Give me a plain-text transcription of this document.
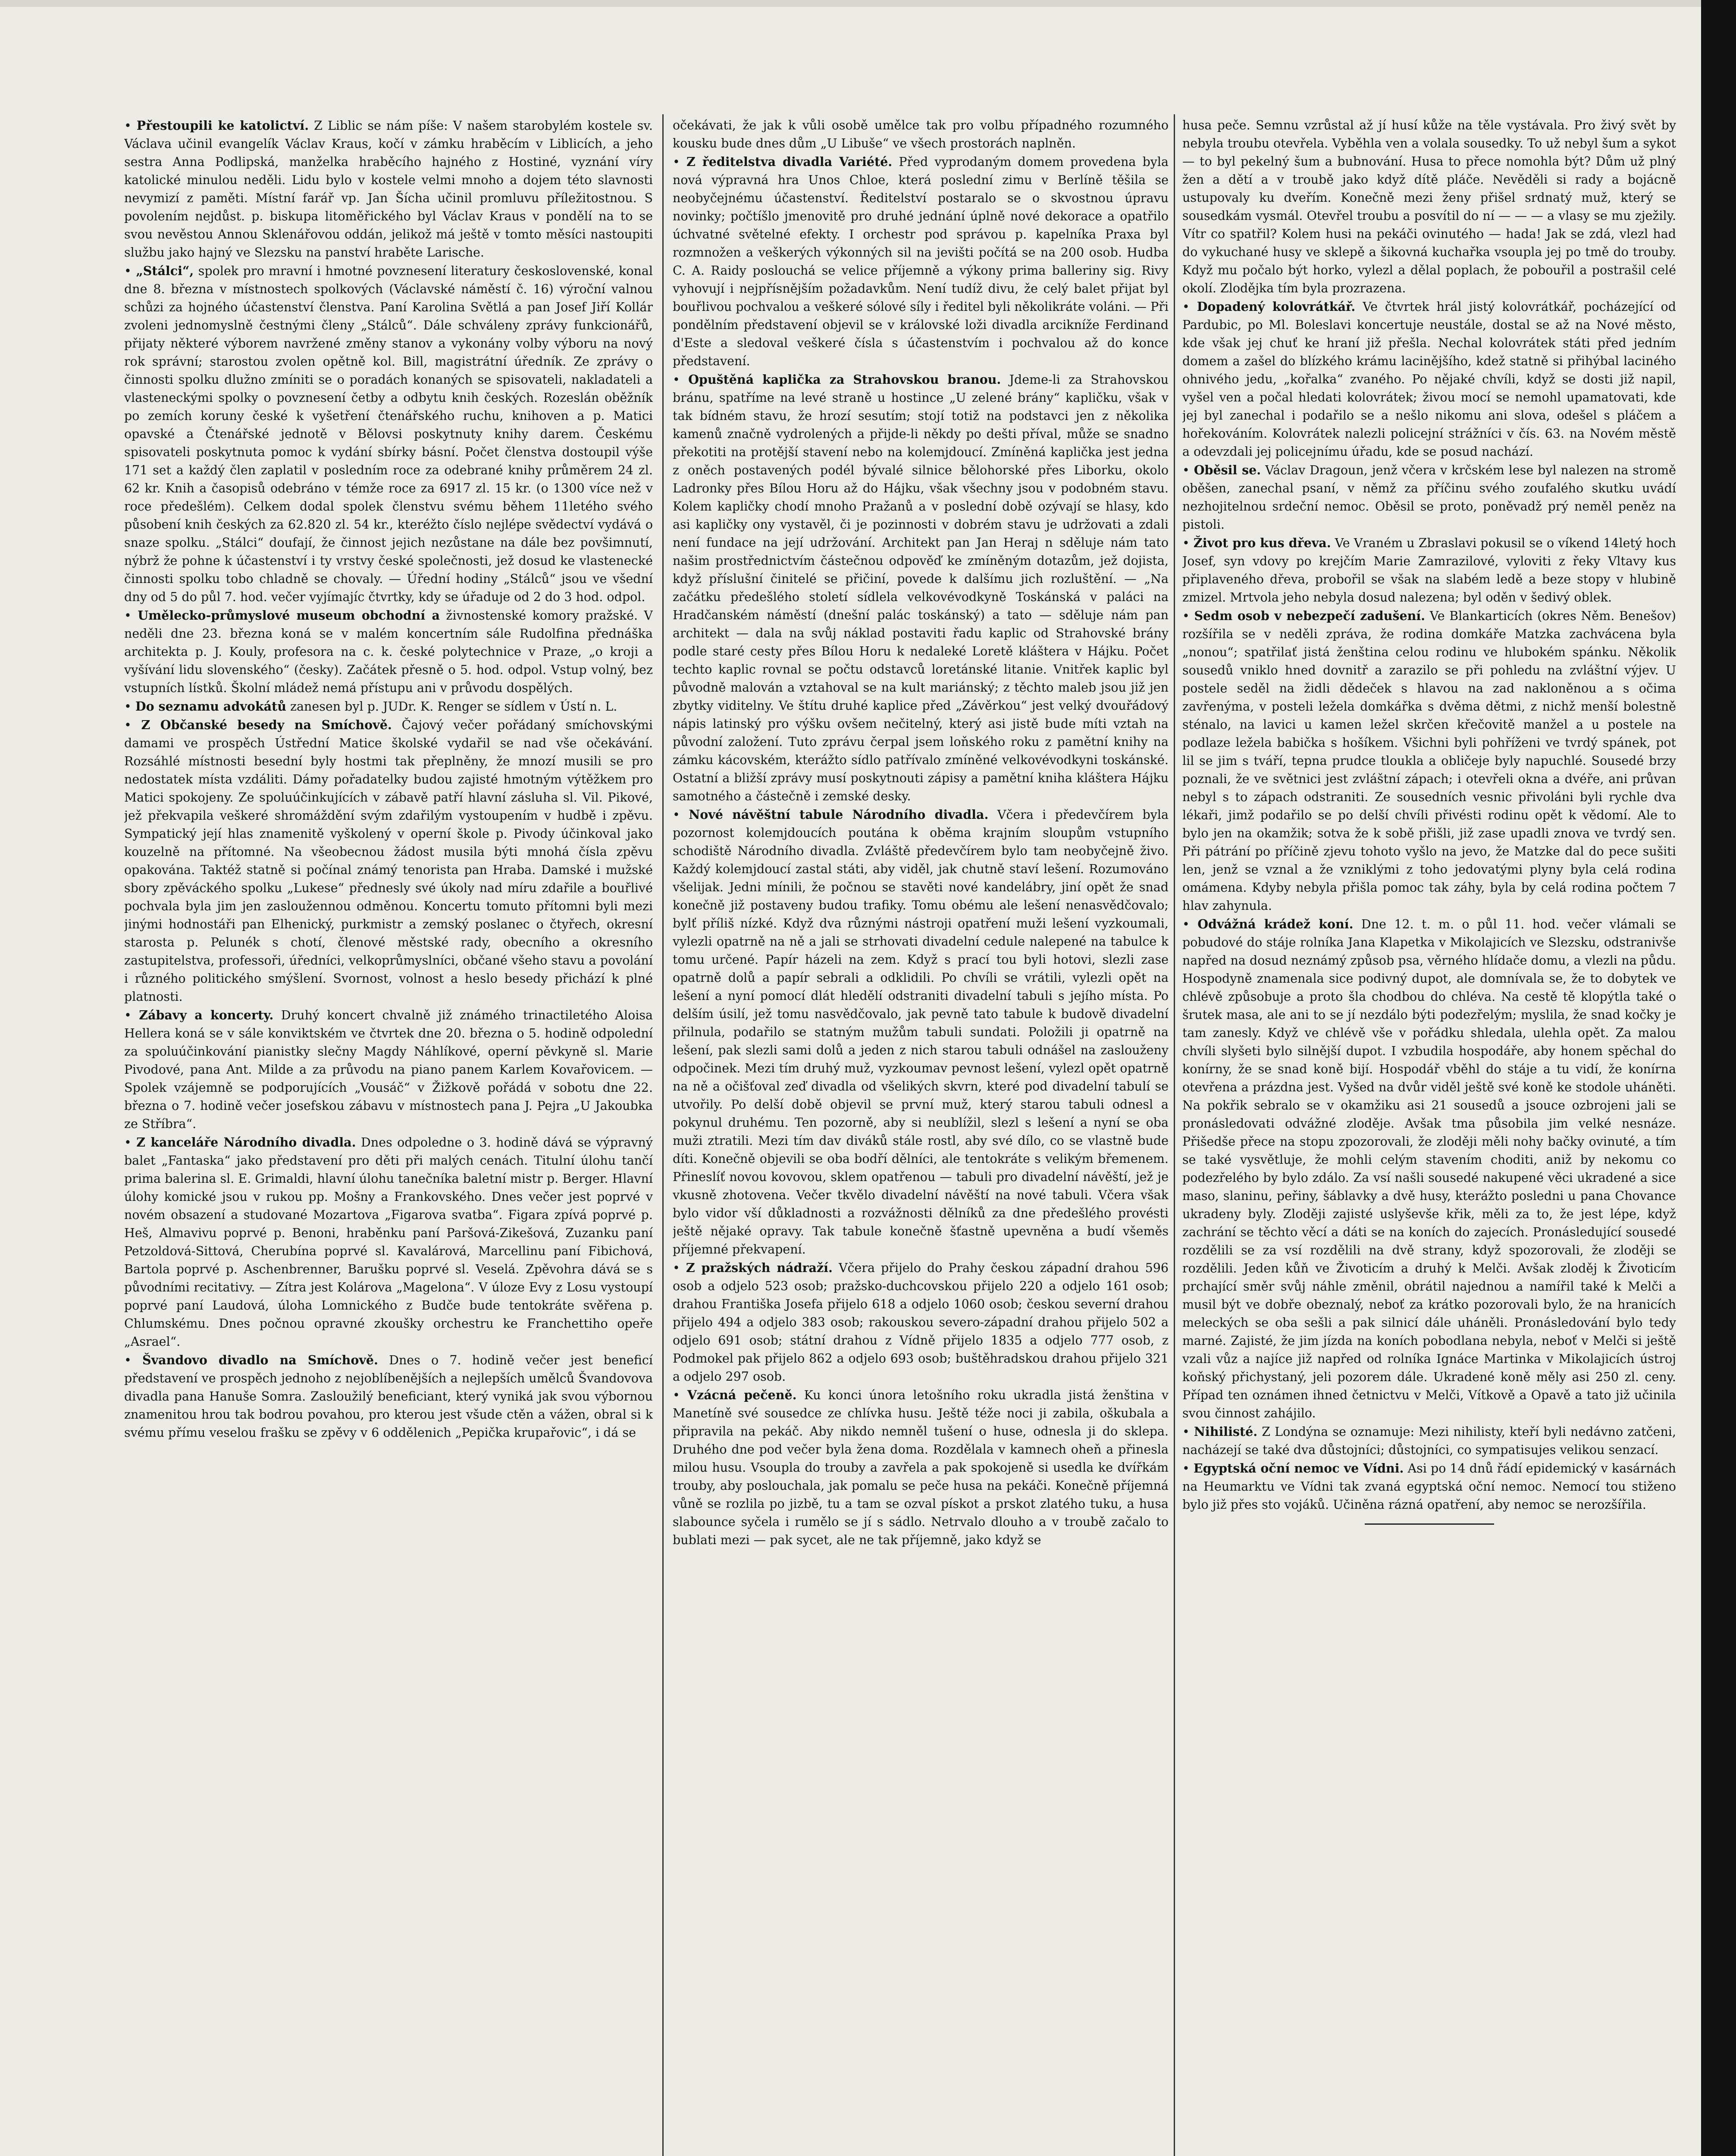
• Přestoupili ke katolictví. Z Liblic se nám píše: V našem starobylém kostele sv. Václava učinil evangelík Václav Kraus, kočí v zámku hraběcím v Liblicích, a jeho sestra Anna Podlipská, manželka hraběcího hajného z Hostiné, vyznání víry katolické minulou neděli. Lidu bylo v kostele velmi mnoho a dojem této slavnosti nevymizí z paměti. Místní farář vp. Jan Šícha učinil promluvu příležitostnou. S povolením nejdůst. p. biskupa litoměřického byl Václav Kraus v pondělí na to se svou nevěstou Annou Sklenářovou oddán, jelikož má ještě v tomto měsíci nastoupiti službu jako hajný ve Slezsku na panství hraběte Larische.

• „Stálci“, spolek pro mravní i hmotné povznesení literatury československé, konal dne 8. března v místnostech spolkových (Václavské náměstí č. 16) výroční valnou schůzi za hojného účastenství členstva. Paní Karolina Světlá a pan Josef Jiří Kollár zvoleni jednomyslně čestnými členy „Stálců“. Dále schváleny zprávy funkcionářů, přijaty některé výborem navržené změny stanov a vykonány volby výboru na nový rok správní; starostou zvolen opětně kol. Bill, magistrátní úředník. Ze zprávy o činnosti spolku dlužno zmíniti se o poradách konaných se spisovateli, nakladateli a vlasteneckými spolky o povznesení četby a odbytu knih českých. Rozeslán oběžník po zemích koruny české k vyšetření čtenářského ruchu, knihoven a p. Matici opavské a Čtenářské jednotě v Bělovsi poskytnuty knihy darem. Českému spisovateli poskytnuta pomoc k vydání sbírky básní. Počet členstva dostoupil výše 171 set a každý člen zaplatil v posledním roce za odebrané knihy průměrem 24 zl. 62 kr. Knih a časopisů odebráno v témže roce za 6917 zl. 15 kr. (o 1300 více než v roce předešlém). Celkem dodal spolek členstvu svému během 11letého svého působení knih českých za 62.820 zl. 54 kr., kteréžto číslo nejlépe svědectví vydává o snaze spolku. „Stálci“ doufají, že činnost jejich nezůstane na dále bez povšimnutí, nýbrž že pohne k účastenství i ty vrstvy české společnosti, jež dosud ke vlastenecké činnosti spolku tobo chladně se chovaly. — Úřední hodiny „Stálců“ jsou ve všední dny od 5 do půl 7. hod. večer vyjímajíc čtvrtky, kdy se úřaduje od 2 do 3 hod. odpol.

• Umělecko-průmyslové museum obchodní a živnostenské komory pražské. V neděli dne 23. března koná se v malém koncertním sále Rudolfina přednáška architekta p. J. Kouly, profesora na c. k. české polytechnice v Praze, „o kroji a vyšívání lidu slovenského“ (česky). Začátek přesně o 5. hod. odpol. Vstup volný, bez vstupních lístků. Školní mládež nemá přístupu ani v průvodu dospělých.

• Do seznamu advokátů zanesen byl p. JUDr. K. Renger se sídlem v Ústí n. L.

• Z Občanské besedy na Smíchově. Čajový večer pořádaný smíchovskými damami ve prospěch Ústřední Matice školské vydařil se nad vše očekávání. Rozsáhlé místnosti besední byly hostmi tak přeplněny, že mnozí musili se pro nedostatek místa vzdáliti. Dámy pořadatelky budou zajisté hmotným výtěžkem pro Matici spokojeny. Ze spoluúčinkujících v zábavě patří hlavní zásluha sl. Vil. Pikové, jež překvapila veškeré shromáždění svým zdařilým vystoupením v hudbě i zpěvu. Sympatický její hlas znamenitě vyškolený v operní škole p. Pivody účinkoval jako kouzelně na přítomné. Na všeobecnou žádost musila býti mnohá čísla zpěvu opakována. Taktéž statně si počínal známý tenorista pan Hraba. Damské i mužské sbory zpěváckého spolku „Lukese“ přednesly své úkoly nad míru zdařile a bouřlivé pochvala byla jim jen zasloužennou odměnou. Koncertu tomuto přítomni byli mezi jinými hodnostáři pan Elhenický, purkmistr a zemský poslanec o čtyřech, okresní starosta p. Pelunék s chotí, členové městské rady, obecního a okresního zastupitelstva, professoři, úředníci, velkoprůmyslníci, občané všeho stavu a povolání i různého politického smýšlení. Svornost, volnost a heslo besedy přichází k plné platnosti.

• Zábavy a koncerty. Druhý koncert chvalně již známého trinactiletého Aloisa Hellera koná se v sále konviktském ve čtvrtek dne 20. března o 5. hodině odpolední za spoluúčinkování pianistky slečny Magdy Náhlíkové, operní pěvkyně sl. Marie Pivodové, pana Ant. Milde a za průvodu na piano panem Karlem Kovařovicem. — Spolek vzájemně se podporujících „Vousáč“ v Žižkově pořádá v sobotu dne 22. března o 7. hodině večer josefskou zábavu v místnostech pana J. Pejra „U Jakoubka ze Stříbra“.

• Z kanceláře Národního divadla. Dnes odpoledne o 3. hodině dává se výpravný balet „Fantaska“ jako představení pro děti při malých cenách. Titulní úlohu tančí prima balerina sl. E. Grimaldi, hlavní úlohu tanečníka baletní mistr p. Berger. Hlavní úlohy komické jsou v rukou pp. Mošny a Frankovského. Dnes večer jest poprvé v novém obsazení a studované Mozartova „Figarova svatba“. Figara zpívá poprvé p. Heš, Almavivu poprvé p. Benoni, hraběnku paní Paršová-Zikešová, Zuzanku paní Petzoldová-Sittová, Cherubína poprvé sl. Kavalárová, Marcellinu paní Fibichová, Bartola poprvé p. Aschenbrenner, Barušku poprvé sl. Veselá. Zpěvohra dává se s původními recitativy. — Zítra jest Kolárova „Magelona“. V úloze Evy z Losu vystoupí poprvé paní Laudová, úloha Lomnického z Budče bude tentokráte svěřena p. Chlumskému. Dnes počnou opravné zkoušky orchestru ke Franchettiho opeře „Asrael“.

• Švandovo divadlo na Smíchově. Dnes o 7. hodině večer jest beneficí představení ve prospěch jednoho z nejoblíbenějších a nejlepších umělců Švandovova divadla pana Hanuše Somra. Zasloužilý beneficiant, který vyniká jak svou výbornou znamenitou hrou tak bodrou povahou, pro kterou jest všude ctěn a vážen, obral si k svému přímu veselou frašku se zpěvy v 6 oddělenich „Pepička krupařovic“, i dá se

očekávati, že jak k vůli osobě umělce tak pro volbu případného rozumného kousku bude dnes dům „U Libuše“ ve všech prostorách naplněn.

• Z ředitelstva divadla Variété. Před vyprodaným domem provedena byla nová výpravná hra Unos Chloe, která poslední zimu v Berlíně těšila se neobyčejnému účastenství. Ředitelství postaralo se o skvostnou úpravu novinky; počtíšlo jmenovitě pro druhé jednání úplně nové dekorace a opatřilo úchvatné světelné efekty. I orchestr pod správou p. kapelníka Praxa byl rozmnožen a veškerých výkonných sil na jevišti počítá se na 200 osob. Hudba C. A. Raidy poslouchá se velice příjemně a výkony prima balleriny sig. Rivy vyhovují i nejpřísnějším požadavkům. Není tudíž divu, že celý balet přijat byl bouřlivou pochvalou a veškeré sólové síly i ředitel byli několikráte voláni. — Při pondělním představení objevil se v královské loži divadla arcikníže Ferdinand d'Este a sledoval veškeré čísla s účastenstvím i pochvalou až do konce představení.

• Opuštěná kaplička za Strahovskou branou. Jdeme-li za Strahovskou bránu, spatříme na levé straně u hostince „U zelené brány“ kapličku, však v tak bídném stavu, že hrozí sesutím; stojí totiž na podstavci jen z několika kamenů značně vydrolených a přijde-li někdy po dešti příval, může se snadno překotiti na protější stavení nebo na kolemjdoucí. Zmíněná kaplička jest jedna z oněch postavených podél bývalé silnice bělohorské přes Liborku, okolo Ladronky přes Bílou Horu až do Hájku, však všechny jsou v podobném stavu. Kolem kapličky chodí mnoho Pražanů a v poslední době ozývají se hlasy, kdo asi kapličky ony vystavěl, či je pozinnosti v dobrém stavu je udržovati a zdali není fundace na její udržování. Architekt pan Jan Heraj n sděluje nám tato našim prostřednictvím částečnou odpověď ke zmíněným dotazům, jež dojista, když příslušní činitelé se přičiní, povede k dalšímu jich rozluštění. — „Na začátku předešlého století sídlela velkovévodkyně Toskánská v paláci na Hradčanském náměstí (dnešní palác toskánský) a tato — sděluje nám pan architekt — dala na svůj náklad postaviti řadu kaplic od Strahovské brány podle staré cesty přes Bílou Horu k nedaleké Loretě kláštera v Hájku. Počet techto kaplic rovnal se počtu odstavců loretánské litanie. Vnitřek kaplic byl původně malován a vztahoval se na kult mariánský; z těchto maleb jsou již jen zbytky viditelny. Ve štítu druhé kaplice před „Závěrkou“ jest velký dvouřádový nápis latinský pro výšku ovšem nečitelný, který asi jistě bude míti vztah na původní založení. Tuto zprávu čerpal jsem loňského roku z pamětní knihy na zámku kácovském, kterážto sídlo patřívalo zmíněné velkovévodkyni toskánské. Ostatní a bližší zprávy musí poskytnouti zápisy a pamětní kniha kláštera Hájku samotného a částečně i zemské desky.

• Nové návěštní tabule Národního divadla. Včera i předevčírem byla pozornost kolemjdoucích poutána k oběma krajním sloupům vstupního schodiště Národního divadla. Zvláště předevčírem bylo tam neobyčejně živo. Každý kolemjdoucí zastal státi, aby viděl, jak chutně staví lešení. Rozumováno všelijak. Jedni mínili, že počnou se stavěti nové kandelábry, jiní opět že snad konečně již postaveny budou trafiky. Tomu obému ale lešení nenasvědčovalo; bylť příliš nízké. Když dva různými nástroji opatření muži lešení vyzkoumali, vylezli opatrně na ně a jali se strhovati divadelní cedule nalepené na tabulce k tomu určené. Papír házeli na zem. Když s prací tou byli hotovi, slezli zase opatrně dolů a papír sebrali a odklidili. Po chvíli se vrátili, vylezli opět na lešení a nyní pomocí dlát hledělí odstraniti divadelní tabuli s jejího místa. Po delším úsilí, jež tomu nasvědčovalo, jak pevně tato tabule k budově divadelní přilnula, podařilo se statným mužům tabuli sundati. Položili ji opatrně na lešení, pak slezli sami dolů a jeden z nich starou tabuli odnášel na zaslouženy odpočinek. Mezi tím druhý muž, vyzkoumav pevnost lešení, vylezl opět opatrně na ně a očišťoval zeď divadla od všelikých skvrn, které pod divadelní tabulí se utvořily. Po delší době objevil se první muž, který starou tabuli odnesl a pokynul druhému. Ten pozorně, aby si neublížil, slezl s lešení a nyní se oba muži ztratili. Mezi tím dav diváků stále rostl, aby své dílo, co se vlastně bude díti. Konečně objevili se oba bodří dělníci, ale tentokráte s velikým břemenem. Přineslíť novou kovovou, sklem opatřenou — tabuli pro divadelní návěští, jež je vkusně zhotovena. Večer tkvělo divadelní návěští na nové tabuli. Včera však bylo vidor vší důkladnosti a rozvážnosti dělníků za dne předešlého provésti ještě nějaké opravy. Tak tabule konečně šťastně upevněna a budí všeměs příjemné překvapení.

• Z pražských nádraží. Včera přijelo do Prahy českou západní drahou 596 osob a odjelo 523 osob; pražsko-duchcovskou přijelo 220 a odjelo 161 osob; drahou Františka Josefa přijelo 618 a odjelo 1060 osob; českou severní drahou přijelo 494 a odjelo 383 osob; rakouskou severo-západní drahou přijelo 502 a odjelo 691 osob; státní drahou z Vídně přijelo 1835 a odjelo 777 osob, z Podmokel pak přijelo 862 a odjelo 693 osob; buštěhradskou drahou přijelo 321 a odjelo 297 osob.

• Vzácná pečeně. Ku konci února letošního roku ukradla jistá ženština v Manetíně své sousedce ze chlívka husu. Ještě téže noci ji zabila, oškubala a připravila na pekáč. Aby nikdo nemněl tušení o huse, odnesla ji do sklepa. Druhého dne pod večer byla žena doma. Rozdělala v kamnech oheň a přinesla milou husu. Vsoupla do trouby a zavřela a pak spokojeně si usedla ke dvířkám trouby, aby poslouchala, jak pomalu se peče husa na pekáči. Konečně příjemná vůně se rozlila po jizbě, tu a tam se ozval pískot a prskot zlatého tuku, a husa slabounce syčela i rumělo se jí s sádlo. Netrvalo dlouho a v troubě začalo to bublati mezi — pak sycet, ale ne tak příjemně, jako když se

husa peče. Semnu vzrůstal až jí husí kůže na těle vystávala. Pro živý svět by nebyla troubu otevřela. Vyběhla ven a volala sousedky. To už nebyl šum a sykot — to byl pekelný šum a bubnování. Husa to přece nomohla být? Dům už plný žen a dětí a v troubě jako když dítě pláče. Nevěděli si rady a bojácně ustupovaly ku dveřím. Konečně mezi ženy přišel srdnatý muž, který se sousedkám vysmál. Otevřel troubu a posvítil do ní — — — a vlasy se mu zježily. Vítr co spatřil? Kolem husi na pekáči ovinutého — hada! Jak se zdá, vlezl had do vykuchané husy ve sklepě a šikovná kuchařka vsoupla jej po tmě do trouby. Když mu počalo být horko, vylezl a dělal poplach, že pobouřil a postrašil celé okolí. Zlodějka tím byla prozrazena.

• Dopadený kolovrátkář. Ve čtvrtek hrál jistý kolovrátkář, pocházející od Pardubic, po Ml. Boleslavi koncertuje neustále, dostal se až na Nové město, kde však jej chuť ke hraní již přešla. Nechal kolovrátek státi před jedním domem a zašel do blízkého krámu lacinějšího, kdež statně si přihýbal laciného ohnivého jedu, „kořalka“ zvaného. Po nějaké chvíli, když se dosti již napil, vyšel ven a počal hledati kolovrátek; živou mocí se nemohl upamatovati, kde jej byl zanechal i podařilo se a nešlo nikomu ani slova, odešel s pláčem a hořekováním. Kolovrátek nalezli policejní strážníci v čís. 63. na Novém městě a odevzdali jej policejnímu úřadu, kde se posud nachází.

• Oběsil se. Václav Dragoun, jenž včera v krčském lese byl nalezen na stromě oběšen, zanechal psaní, v němž za příčinu svého zoufalého skutku uvádí nezhojitelnou srdeční nemoc. Oběsil se proto, poněvadž prý neměl peněz na pistoli.

• Život pro kus dřeva. Ve Vraném u Zbraslavi pokusil se o víkend 14letý hoch Josef, syn vdovy po krejčím Marie Zamrazilové, vyloviti z řeky Vltavy kus připlaveného dřeva, probořil se však na slabém ledě a beze stopy v hlubině zmizel. Mrtvola jeho nebyla dosud nalezena; byl oděn v šedivý oblek.

• Sedm osob v nebezpečí zadušení. Ve Blankarticích (okres Něm. Benešov) rozšířila se v neděli zpráva, že rodina domkáře Matzka zachvácena byla „nonou“; spatřilať jistá ženština celou rodinu ve hlubokém spánku. Několik sousedů vniklo hned dovnitř a zarazilo se při pohledu na zvláštní výjev. U postele seděl na židli dědeček s hlavou na zad nakloněnou a s očima zavřenýma, v posteli ležela domkářka s dvěma dětmi, z nichž menší bolestně sténalo, na lavici u kamen ležel skrčen křečovitě manžel a u postele na podlaze ležela babička s hošíkem. Všichni byli pohříženi ve tvrdý spánek, pot lil se jim s tváří, tepna prudce tloukla a obličeje byly napuchlé. Sousedé brzy poznali, že ve světnici jest zvláštní zápach; i otevřeli okna a dvéře, ani průvan nebyl s to zápach odstraniti. Ze sousedních vesnic přivoláni byli rychle dva lékaři, jimž podařilo se po delší chvíli přivésti rodinu opět k vědomí. Ale to bylo jen na okamžik; sotva že k sobě přišli, již zase upadli znova ve tvrdý sen. Při pátrání po příčině zjevu tohoto vyšlo na jevo, že Matzke dal do pece sušiti len, jenž se vznal a že vzniklými z toho jedovatými plyny byla celá rodina omámena. Kdyby nebyla přišla pomoc tak záhy, byla by celá rodina počtem 7 hlav zahynula.

• Odvážná krádež koní. Dne 12. t. m. o půl 11. hod. večer vlámali se pobudové do stáje rolníka Jana Klapetka v Mikolajicích ve Slezsku, odstranivše napřed na dosud neznámý způsob psa, věrného hlídače domu, a vlezli na půdu. Hospodyně znamenala sice podivný dupot, ale domnívala se, že to dobytek ve chlévě způsobuje a proto šla chodbou do chléva. Na cestě tě klopýtla také o šrutek masa, ale ani to se jí nezdálo býti podezřelým; myslila, že snad kočky je tam zanesly. Když ve chlévě vše v pořádku shledala, ulehla opět. Za malou chvíli slyšeti bylo silnější dupot. I vzbudila hospodáře, aby honem spěchal do konírny, že se snad koně bijí. Hospodář vběhl do stáje a tu vidí, že konírna otevřena a prázdna jest. Vyšed na dvůr viděl ještě své koně ke stodole uháněti. Na pokřik sebralo se v okamžiku asi 21 sousedů a jsouce ozbrojeni jali se pronásledovati odvážné zloděje. Avšak tma působila jim velké nesnáze. Přišedše přece na stopu zpozorovali, že zloději měli nohy bačky ovinuté, a tím se také vysvětluje, že mohli celým stavením choditi, aniž by nekomu co podezřelého by bylo zdálo. Za vsí našli sousedé nakupené věci ukradené a sice maso, slaninu, peřiny, šáblavky a dvě husy, kterážto posledni u pana Chovance ukradeny byly. Zloději zajisté uslyševše křik, měli za to, že jest lépe, když zachrání se těchto věcí a dáti se na koních do zajecích. Pronásledující sousedé rozdělili se za vsí rozdělili na dvě strany, když spozorovali, že zloději se rozdělili. Jeden kůň ve Životicím a druhý k Melči. Avšak zloděj k Životicím prchající směr svůj náhle změnil, obrátil najednou a namířil také k Melči a musil být ve dobře obeznalý, neboť za krátko pozorovali bylo, že na hranicích meleckých se oba sešli a pak silnicí dále uháněli. Pronásledování bylo tedy marné. Zajisté, že jim jízda na koních pobodlana nebyla, neboť v Melči si ještě vzali vůz a najíce již napřed od rolníka Ignáce Martinka v Mikolajicích ústroj koňský přichystaný, jeli pozorem dále. Ukradené koně měly asi 250 zl. ceny. Případ ten oznámen ihned četnictvu v Melči, Vítkově a Opavě a tato již učinila svou činnost zahájilo.

• Nihilisté. Z Londýna se oznamuje: Mezi nihilisty, kteří byli nedávno zatčeni, nacházejí se také dva důstojníci; důstojníci, co sympatisujes velikou senzací.

• Egyptská oční nemoc ve Vídni. Asi po 14 dnů řádí epidemický v kasárnách na Heumarktu ve Vídni tak zvaná egyptská oční nemoc. Nemocí tou stiženo bylo již přes sto vojáků. Učiněna rázná opatření, aby nemoc se nerozšířila.
